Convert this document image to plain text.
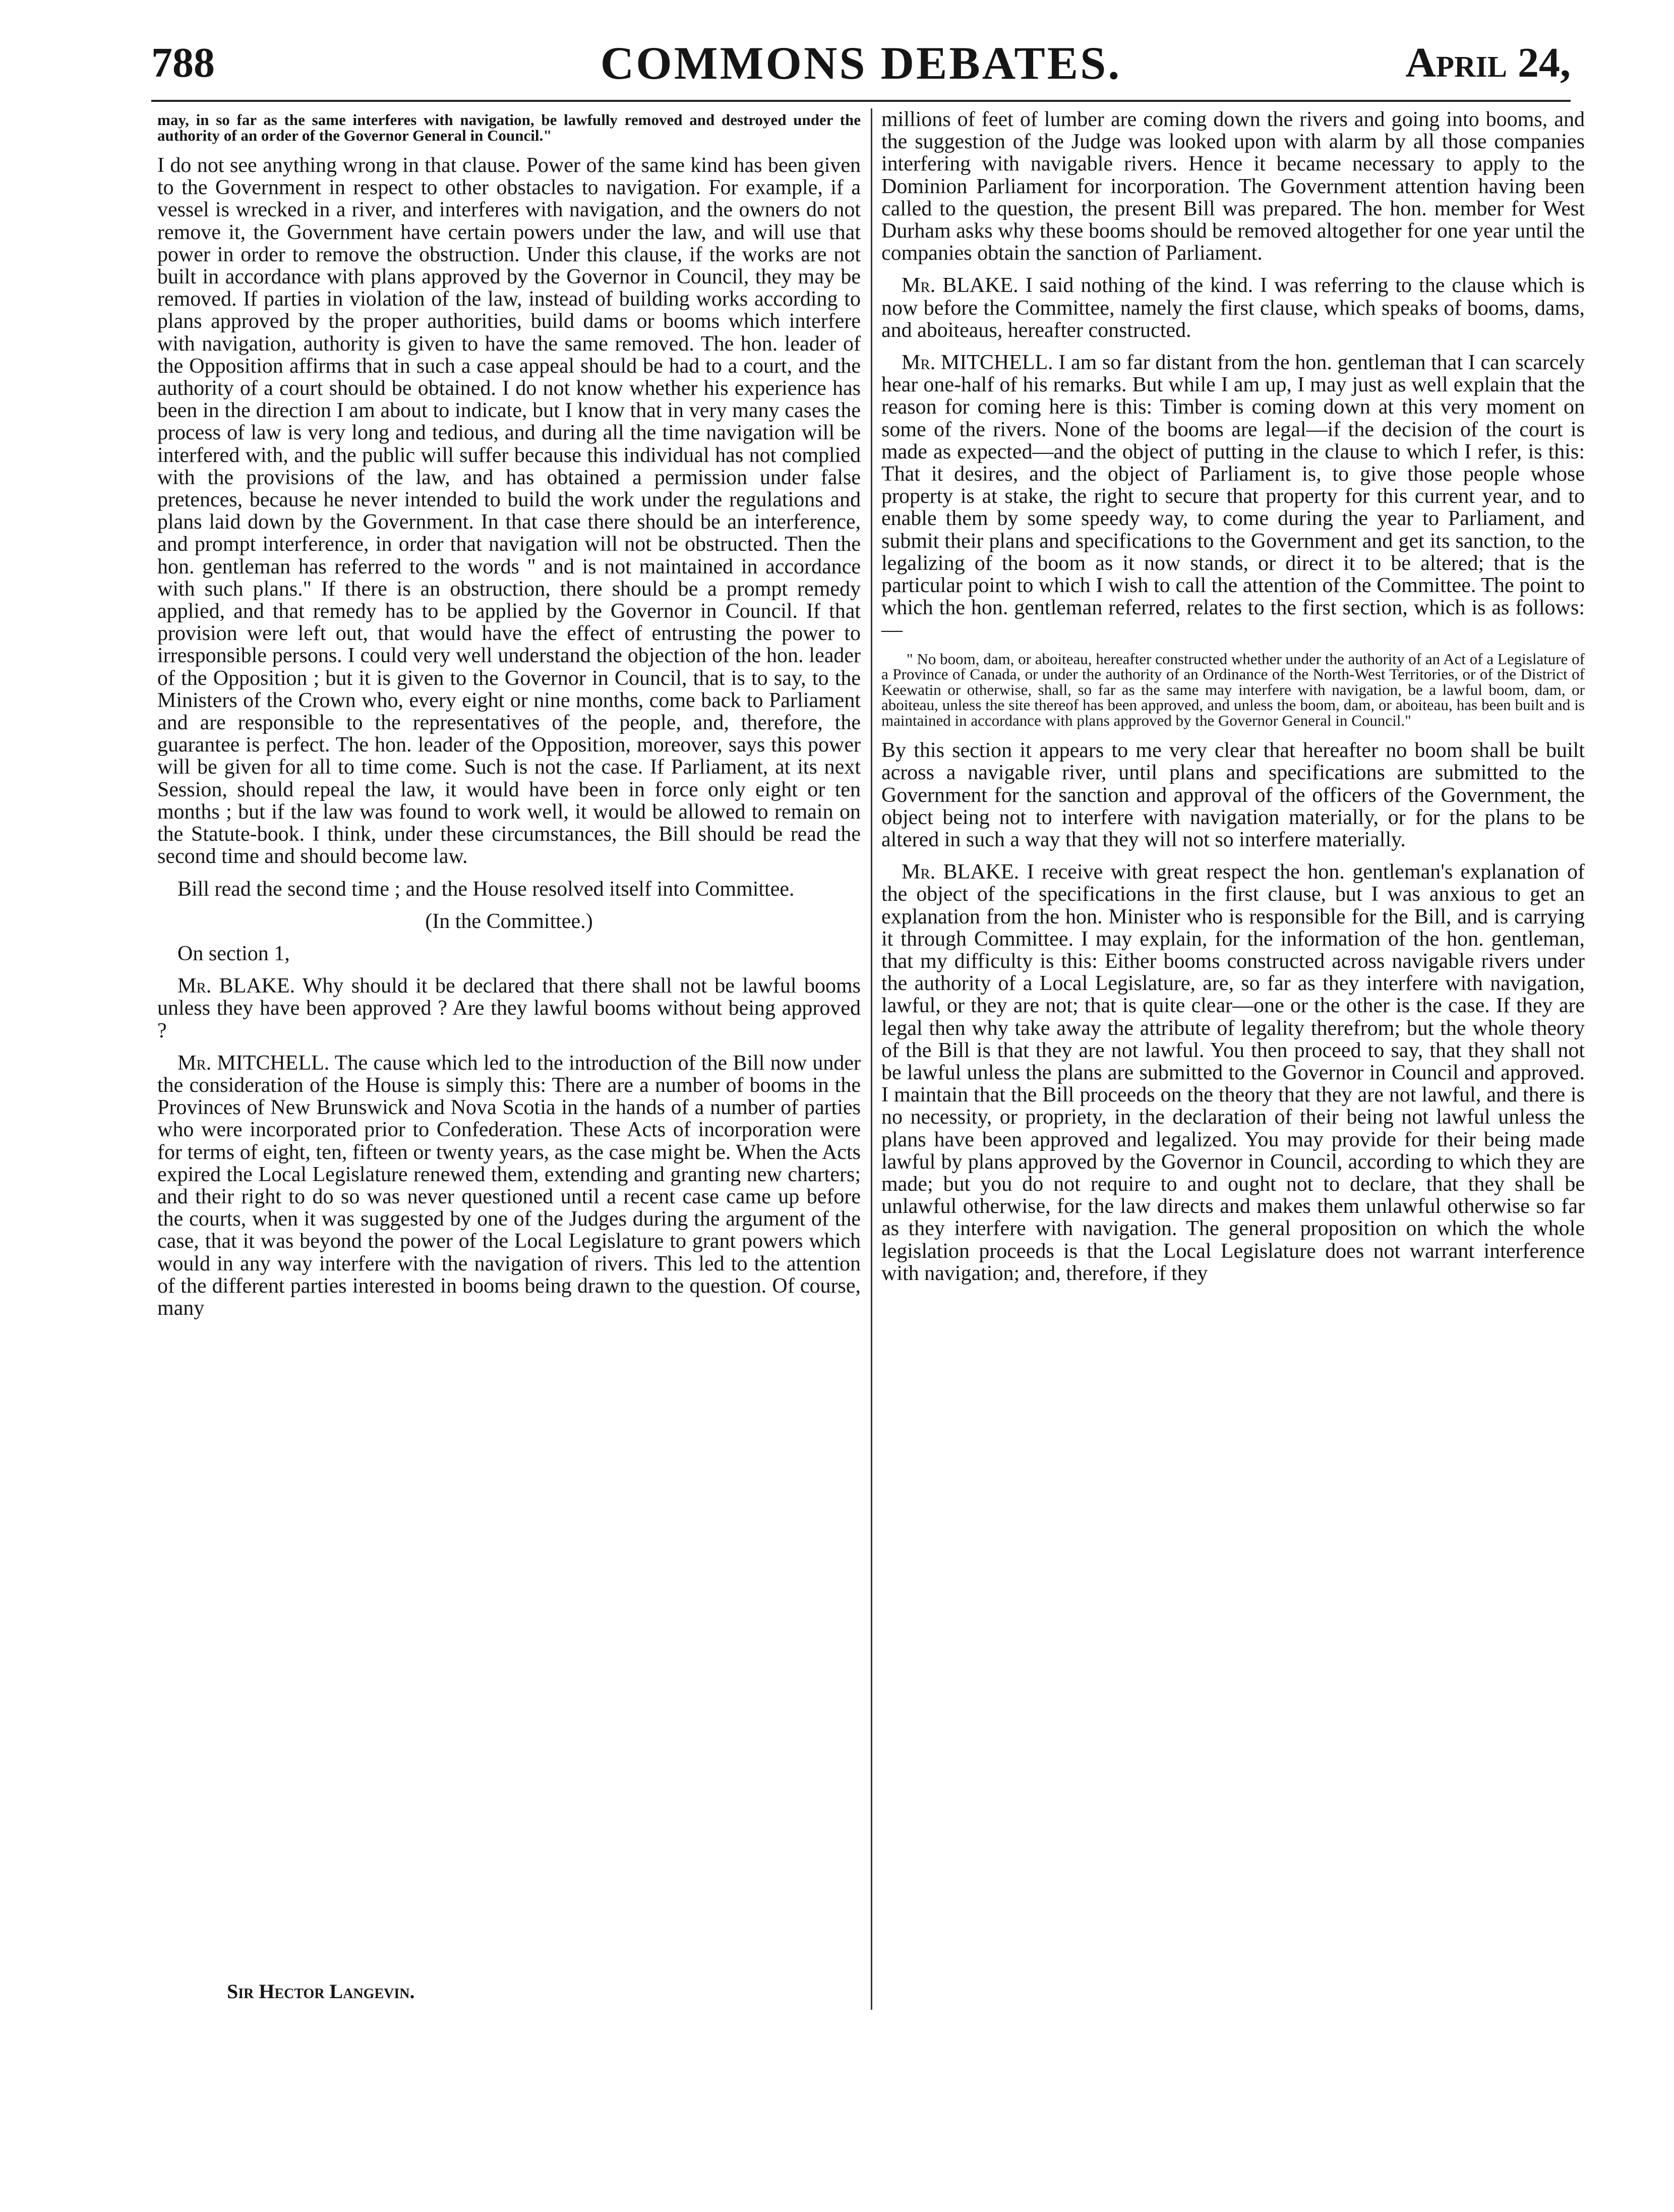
788	COMMONS DEBATES.	April 24,

may, in so far as the same interferes with navigation, be lawfully removed and destroyed under the authority of an order of the Governor General in Council."

I do not see anything wrong in that clause. Power of the same kind has been given to the Government in respect to other obstacles to navigation. For example, if a vessel is wrecked in a river, and interferes with navigation, and the owners do not remove it, the Government have certain powers under the law, and will use that power in order to remove the obstruction. Under this clause, if the works are not built in accordance with plans approved by the Governor in Council, they may be removed. If parties in violation of the law, instead of building works according to plans approved by the proper authorities, build dams or booms which interfere with navigation, authority is given to have the same removed. The hon. leader of the Opposition affirms that in such a case appeal should be had to a court, and the authority of a court should be obtained. I do not know whether his experience has been in the direction I am about to indicate, but I know that in very many cases the process of law is very long and tedious, and during all the time navigation will be interfered with, and the public will suffer because this individual has not complied with the provisions of the law, and has obtained a permission under false pretences, because he never intended to build the work under the regulations and plans laid down by the Government. In that case there should be an interference, and prompt interference, in order that navigation will not be obstructed. Then the hon. gentleman has referred to the words " and is not maintained in accordance with such plans." If there is an obstruction, there should be a prompt remedy applied, and that remedy has to be applied by the Governor in Council. If that provision were left out, that would have the effect of entrusting the power to irresponsible persons. I could very well understand the objection of the hon. leader of the Opposition ; but it is given to the Governor in Council, that is to say, to the Ministers of the Crown who, every eight or nine months, come back to Parliament and are responsible to the representatives of the people, and, therefore, the guarantee is perfect. The hon. leader of the Opposition, moreover, says this power will be given for all to time come. Such is not the case. If Parliament, at its next Session, should repeal the law, it would have been in force only eight or ten months ; but if the law was found to work well, it would be allowed to remain on the Statute-book. I think, under these circumstances, the Bill should be read the second time and should become law.

Bill read the second time ; and the House resolved itself into Committee.

(In the Committee.)

On section 1,

Mr. BLAKE. Why should it be declared that there shall not be lawful booms unless they have been approved ? Are they lawful booms without being approved ?

Mr. MITCHELL. The cause which led to the introduction of the Bill now under the consideration of the House is simply this: There are a number of booms in the Provinces of New Brunswick and Nova Scotia in the hands of a number of parties who were incorporated prior to Confederation. These Acts of incorporation were for terms of eight, ten, fifteen or twenty years, as the case might be. When the Acts expired the Local Legislature renewed them, extending and granting new charters; and their right to do so was never questioned until a recent case came up before the courts, when it was suggested by one of the Judges during the argument of the case, that it was beyond the power of the Local Legislature to grant powers which would in any way interfere with the navigation of rivers. This led to the attention of the different parties interested in booms being drawn to the question. Of course, many

millions of feet of lumber are coming down the rivers and going into booms, and the suggestion of the Judge was looked upon with alarm by all those companies interfering with navigable rivers. Hence it became necessary to apply to the Dominion Parliament for incorporation. The Government attention having been called to the question, the present Bill was prepared. The hon. member for West Durham asks why these booms should be removed altogether for one year until the companies obtain the sanction of Parliament.

Mr. BLAKE. I said nothing of the kind. I was referring to the clause which is now before the Committee, namely the first clause, which speaks of booms, dams, and aboiteaus, hereafter constructed.

Mr. MITCHELL. I am so far distant from the hon. gentleman that I can scarcely hear one-half of his remarks. But while I am up, I may just as well explain that the reason for coming here is this: Timber is coming down at this very moment on some of the rivers. None of the booms are legal—if the decision of the court is made as expected—and the object of putting in the clause to which I refer, is this: That it desires, and the object of Parliament is, to give those people whose property is at stake, the right to secure that property for this current year, and to enable them by some speedy way, to come during the year to Parliament, and submit their plans and specifications to the Government and get its sanction, to the legalizing of the boom as it now stands, or direct it to be altered; that is the particular point to which I wish to call the attention of the Committee. The point to which the hon. gentleman referred, relates to the first section, which is as follows:—

" No boom, dam, or aboiteau, hereafter constructed whether under the authority of an Act of a Legislature of a Province of Canada, or under the authority of an Ordinance of the North-West Territories, or of the District of Keewatin or otherwise, shall, so far as the same may interfere with navigation, be a lawful boom, dam, or aboiteau, unless the site thereof has been approved, and unless the boom, dam, or aboiteau, has been built and is maintained in accordance with plans approved by the Governor General in Council."

By this section it appears to me very clear that hereafter no boom shall be built across a navigable river, until plans and specifications are submitted to the Government for the sanction and approval of the officers of the Government, the object being not to interfere with navigation materially, or for the plans to be altered in such a way that they will not so interfere materially.

Mr. BLAKE. I receive with great respect the hon. gentleman's explanation of the object of the specifications in the first clause, but I was anxious to get an explanation from the hon. Minister who is responsible for the Bill, and is carrying it through Committee. I may explain, for the information of the hon. gentleman, that my difficulty is this: Either booms constructed across navigable rivers under the authority of a Local Legislature, are, so far as they interfere with navigation, lawful, or they are not; that is quite clear—one or the other is the case. If they are legal then why take away the attribute of legality therefrom; but the whole theory of the Bill is that they are not lawful. You then proceed to say, that they shall not be lawful unless the plans are submitted to the Governor in Council and approved. I maintain that the Bill proceeds on the theory that they are not lawful, and there is no necessity, or propriety, in the declaration of their being not lawful unless the plans have been approved and legalized. You may provide for their being made lawful by plans approved by the Governor in Council, according to which they are made; but you do not require to and ought not to declare, that they shall be unlawful otherwise, for the law directs and makes them unlawful otherwise so far as they interfere with navigation. The general proposition on which the whole legislation proceeds is that the Local Legislature does not warrant interference with navigation; and, therefore, if they

Sir Hector Langevin.
